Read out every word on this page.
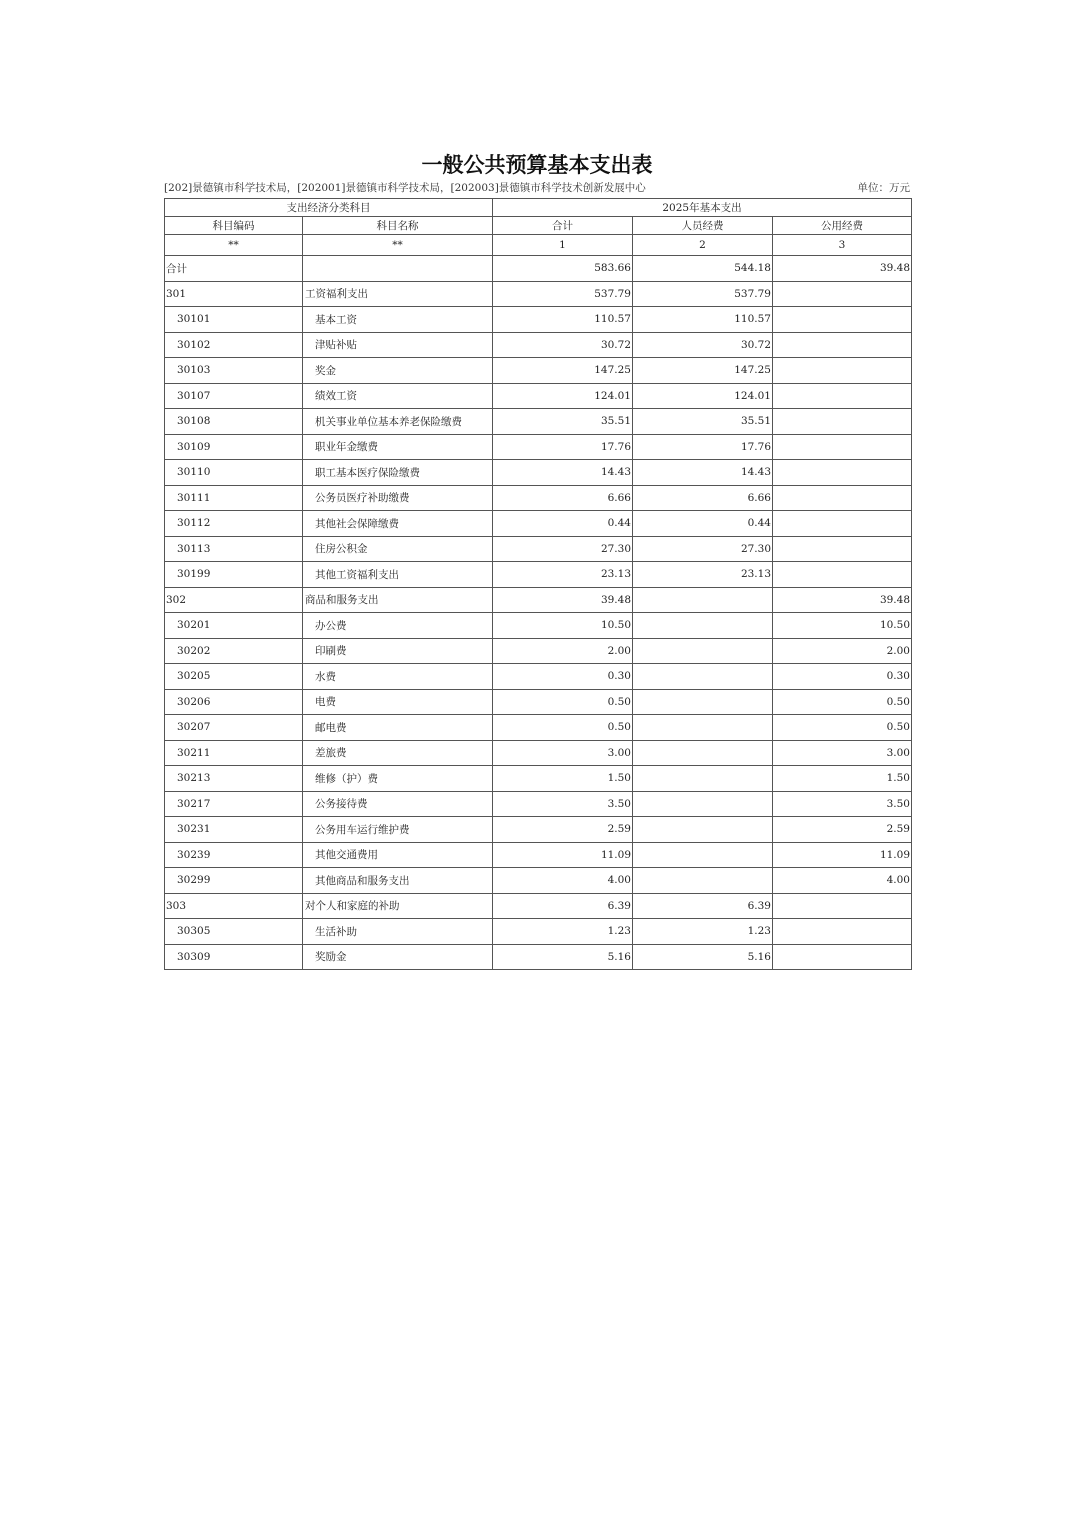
一般公共预算基本支出表
[202]景德镇市科学技术局，[202001]景德镇市科学技术局，[202003]景德镇市科学技术创新发展中心	单位：万元
支出经济分类科目		2025年基本支出		
科目编码	科目名称	合计	人员经费	公用经费
**	**	1	2	3
合计		583.66	544.18	39.48
301	工资福利支出	537.79	537.79	
30101	基本工资	110.57	110.57	
30102	津贴补贴	30.72	30.72	
30103	奖金	147.25	147.25	
30107	绩效工资	124.01	124.01	
30108	机关事业单位基本养老保险缴费	35.51	35.51	
30109	职业年金缴费	17.76	17.76	
30110	职工基本医疗保险缴费	14.43	14.43	
30111	公务员医疗补助缴费	6.66	6.66	
30112	其他社会保障缴费	0.44	0.44	
30113	住房公积金	27.30	27.30	
30199	其他工资福利支出	23.13	23.13	
302	商品和服务支出	39.48		39.48
30201	办公费	10.50		10.50
30202	印刷费	2.00		2.00
30205	水费	0.30		0.30
30206	电费	0.50		0.50
30207	邮电费	0.50		0.50
30211	差旅费	3.00		3.00
30213	维修（护）费	1.50		1.50
30217	公务接待费	3.50		3.50
30231	公务用车运行维护费	2.59		2.59
30239	其他交通费用	11.09		11.09
30299	其他商品和服务支出	4.00		4.00
303	对个人和家庭的补助	6.39	6.39	
30305	生活补助	1.23	1.23	
30309	奖励金	5.16	5.16	
